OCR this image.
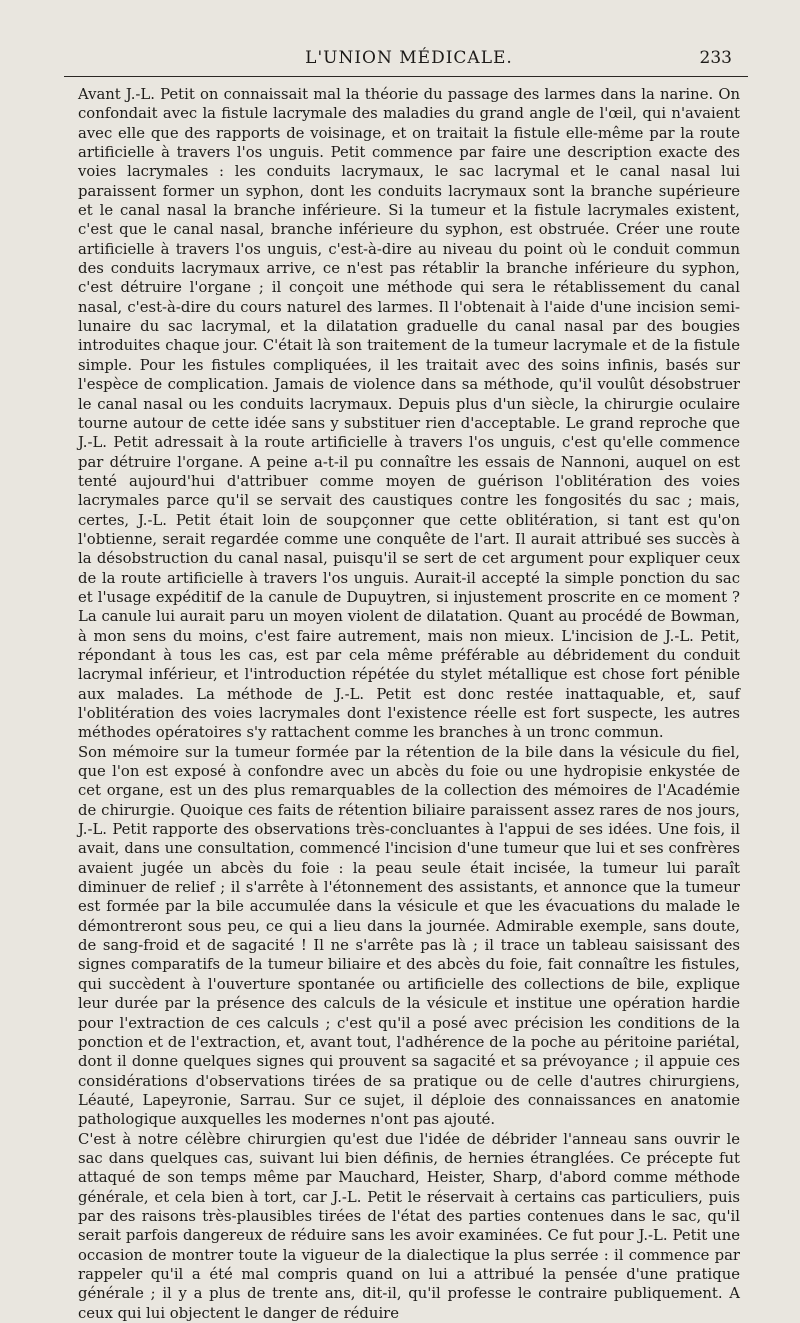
L'UNION MÉDICALE.	233

Avant J.-L. Petit on connaissait mal la théorie du passage des larmes dans la narine. On confondait avec la fistule lacrymale des maladies du grand angle de l'œil, qui n'avaient avec elle que des rapports de voisinage, et on traitait la fistule elle-même par la route artificielle à travers l'os unguis. Petit commence par faire une description exacte des voies lacrymales : les conduits lacrymaux, le sac lacrymal et le canal nasal lui paraissent former un syphon, dont les conduits lacrymaux sont la branche supérieure et le canal nasal la branche inférieure. Si la tumeur et la fistule lacrymales existent, c'est que le canal nasal, branche inférieure du syphon, est obstruée. Créer une route artificielle à travers l'os unguis, c'est-à-dire au niveau du point où le conduit commun des conduits lacrymaux arrive, ce n'est pas rétablir la branche inférieure du syphon, c'est détruire l'organe ; il conçoit une méthode qui sera le rétablissement du canal nasal, c'est-à-dire du cours naturel des larmes. Il l'obtenait à l'aide d'une incision semi-lunaire du sac lacrymal, et la dilatation graduelle du canal nasal par des bougies introduites chaque jour. C'était là son traitement de la tumeur lacrymale et de la fistule simple. Pour les fistules compliquées, il les traitait avec des soins infinis, basés sur l'espèce de complication. Jamais de violence dans sa méthode, qu'il voulût désobstruer le canal nasal ou les conduits lacrymaux. Depuis plus d'un siècle, la chirurgie oculaire tourne autour de cette idée sans y substituer rien d'acceptable. Le grand reproche que J.-L. Petit adressait à la route artificielle à travers l'os unguis, c'est qu'elle commence par détruire l'organe. A peine a-t-il pu connaître les essais de Nannoni, auquel on est tenté aujourd'hui d'attribuer comme moyen de guérison l'oblitération des voies lacrymales parce qu'il se servait des caustiques contre les fongosités du sac ; mais, certes, J.-L. Petit était loin de soupçonner que cette oblitération, si tant est qu'on l'obtienne, serait regardée comme une conquête de l'art. Il aurait attribué ses succès à la désobstruction du canal nasal, puisqu'il se sert de cet argument pour expliquer ceux de la route artificielle à travers l'os unguis. Aurait-il accepté la simple ponction du sac et l'usage expéditif de la canule de Dupuytren, si injustement proscrite en ce moment ? La canule lui aurait paru un moyen violent de dilatation. Quant au procédé de Bowman, à mon sens du moins, c'est faire autrement, mais non mieux. L'incision de J.-L. Petit, répondant à tous les cas, est par cela même préférable au débridement du conduit lacrymal inférieur, et l'introduction répétée du stylet métallique est chose fort pénible aux malades. La méthode de J.-L. Petit est donc restée inattaquable, et, sauf l'oblitération des voies lacrymales dont l'existence réelle est fort suspecte, les autres méthodes opératoires s'y rattachent comme les branches à un tronc commun.

Son mémoire sur la tumeur formée par la rétention de la bile dans la vésicule du fiel, que l'on est exposé à confondre avec un abcès du foie ou une hydropisie enkystée de cet organe, est un des plus remarquables de la collection des mémoires de l'Académie de chirurgie. Quoique ces faits de rétention biliaire paraissent assez rares de nos jours, J.-L. Petit rapporte des observations très-concluantes à l'appui de ses idées. Une fois, il avait, dans une consultation, commencé l'incision d'une tumeur que lui et ses confrères avaient jugée un abcès du foie : la peau seule était incisée, la tumeur lui paraît diminuer de relief ; il s'arrête à l'étonnement des assistants, et annonce que la tumeur est formée par la bile accumulée dans la vésicule et que les évacuations du malade le démontreront sous peu, ce qui a lieu dans la journée. Admirable exemple, sans doute, de sang-froid et de sagacité ! Il ne s'arrête pas là ; il trace un tableau saisissant des signes comparatifs de la tumeur biliaire et des abcès du foie, fait connaître les fistules, qui succèdent à l'ouverture spontanée ou artificielle des collections de bile, explique leur durée par la présence des calculs de la vésicule et institue une opération hardie pour l'extraction de ces calculs ; c'est qu'il a posé avec précision les conditions de la ponction et de l'extraction, et, avant tout, l'adhérence de la poche au péritoine pariétal, dont il donne quelques signes qui prouvent sa sagacité et sa prévoyance ; il appuie ces considérations d'observations tirées de sa pratique ou de celle d'autres chirurgiens, Léauté, Lapeyronie, Sarrau. Sur ce sujet, il déploie des connaissances en anatomie pathologique auxquelles les modernes n'ont pas ajouté.

C'est à notre célèbre chirurgien qu'est due l'idée de débrider l'anneau sans ouvrir le sac dans quelques cas, suivant lui bien définis, de hernies étranglées. Ce précepte fut attaqué de son temps même par Mauchard, Heister, Sharp, d'abord comme méthode générale, et cela bien à tort, car J.-L. Petit le réservait à certains cas particuliers, puis par des raisons très-plausibles tirées de l'état des parties contenues dans le sac, qu'il serait parfois dangereux de réduire sans les avoir examinées. Ce fut pour J.-L. Petit une occasion de montrer toute la vigueur de la dialectique la plus serrée : il commence par rappeler qu'il a été mal compris quand on lui a attribué la pensée d'une pratique générale ; il y a plus de trente ans, dit-il, qu'il professe le contraire publiquement. A ceux qui lui objectent le danger de réduire
